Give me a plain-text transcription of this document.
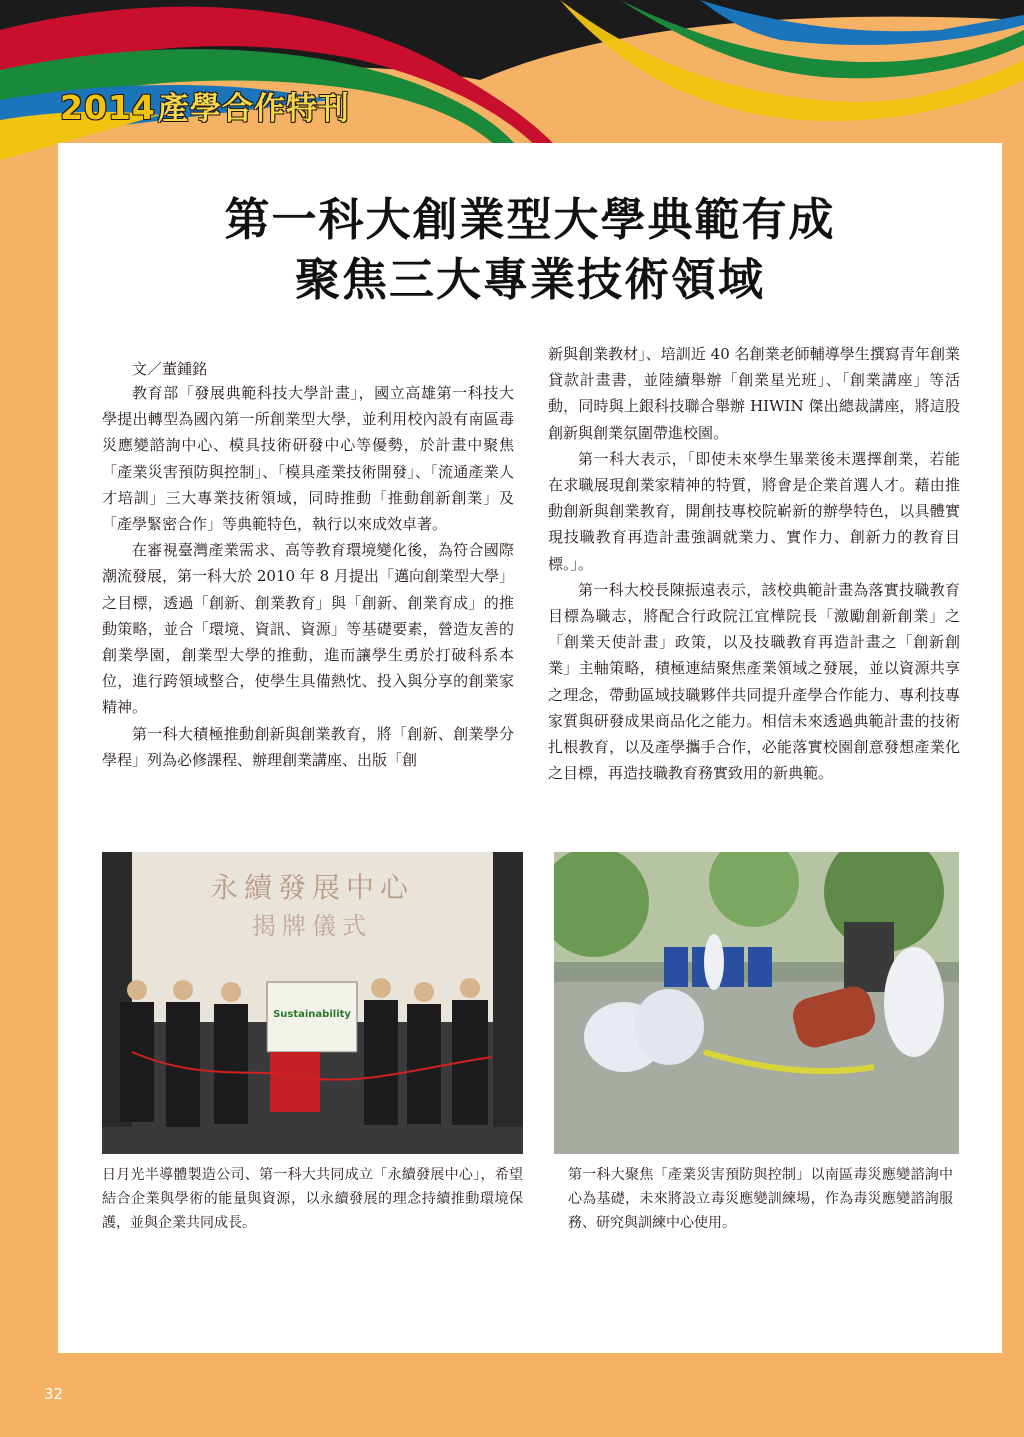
2014產學合作特刊
第一科大創業型大學典範有成
聚焦三大專業技術領域

文／董鍾銘

教育部「發展典範科技大學計畫」，國立高雄第一科技大學提出轉型為國內第一所創業型大學，並利用校內設有南區毒災應變諮詢中心、模具技術研發中心等優勢，於計畫中聚焦「產業災害預防與控制」、「模具產業技術開發」、「流通產業人才培訓」三大專業技術領域，同時推動「推動創新創業」及「產學緊密合作」等典範特色，執行以來成效卓著。

在審視臺灣產業需求、高等教育環境變化後，為符合國際潮流發展，第一科大於 2010 年 8 月提出「邁向創業型大學」之目標，透過「創新、創業教育」與「創新、創業育成」的推動策略，並合「環境、資訊、資源」等基礎要素，營造友善的創業學園，創業型大學的推動，進而讓學生勇於打破科系本位，進行跨領域整合，使學生具備熱忱、投入與分享的創業家精神。

第一科大積極推動創新與創業教育，將「創新、創業學分學程」列為必修課程、辦理創業講座、出版「創

新與創業教材」、培訓近 40 名創業老師輔導學生撰寫青年創業貸款計畫書，並陸續舉辦「創業星光班」、「創業講座」等活動，同時與上銀科技聯合舉辦 HIWIN 傑出總裁講座，將這股創新與創業氛圍帶進校園。

第一科大表示，「即使未來學生畢業後未選擇創業，若能在求職展現創業家精神的特質，將會是企業首選人才。藉由推動創新與創業教育，開創技專校院嶄新的辦學特色，以具體實現技職教育再造計畫強調就業力、實作力、創新力的教育目標。」。

第一科大校長陳振遠表示，該校典範計畫為落實技職教育目標為職志，將配合行政院江宜樺院長「激勵創新創業」之「創業天使計畫」政策，以及技職教育再造計畫之「創新創業」主軸策略，積極連結聚焦產業領域之發展，並以資源共享之理念，帶動區域技職夥伴共同提升產學合作能力、專利技專家質與研發成果商品化之能力。相信未來透過典範計畫的技術扎根教育，以及產學攜手合作，必能落實校園創意發想產業化之目標，再造技職教育務實致用的新典範。

永續發展中心
揭牌儀式
Sustainability

日月光半導體製造公司、第一科大共同成立「永續發展中心」，希望結合企業與學術的能量與資源，以永續發展的理念持續推動環境保護，並與企業共同成長。

第一科大聚焦「產業災害預防與控制」以南區毒災應變諮詢中心為基礎，未來將設立毒災應變訓練場，作為毒災應變諮詢服務、研究與訓練中心使用。

32
